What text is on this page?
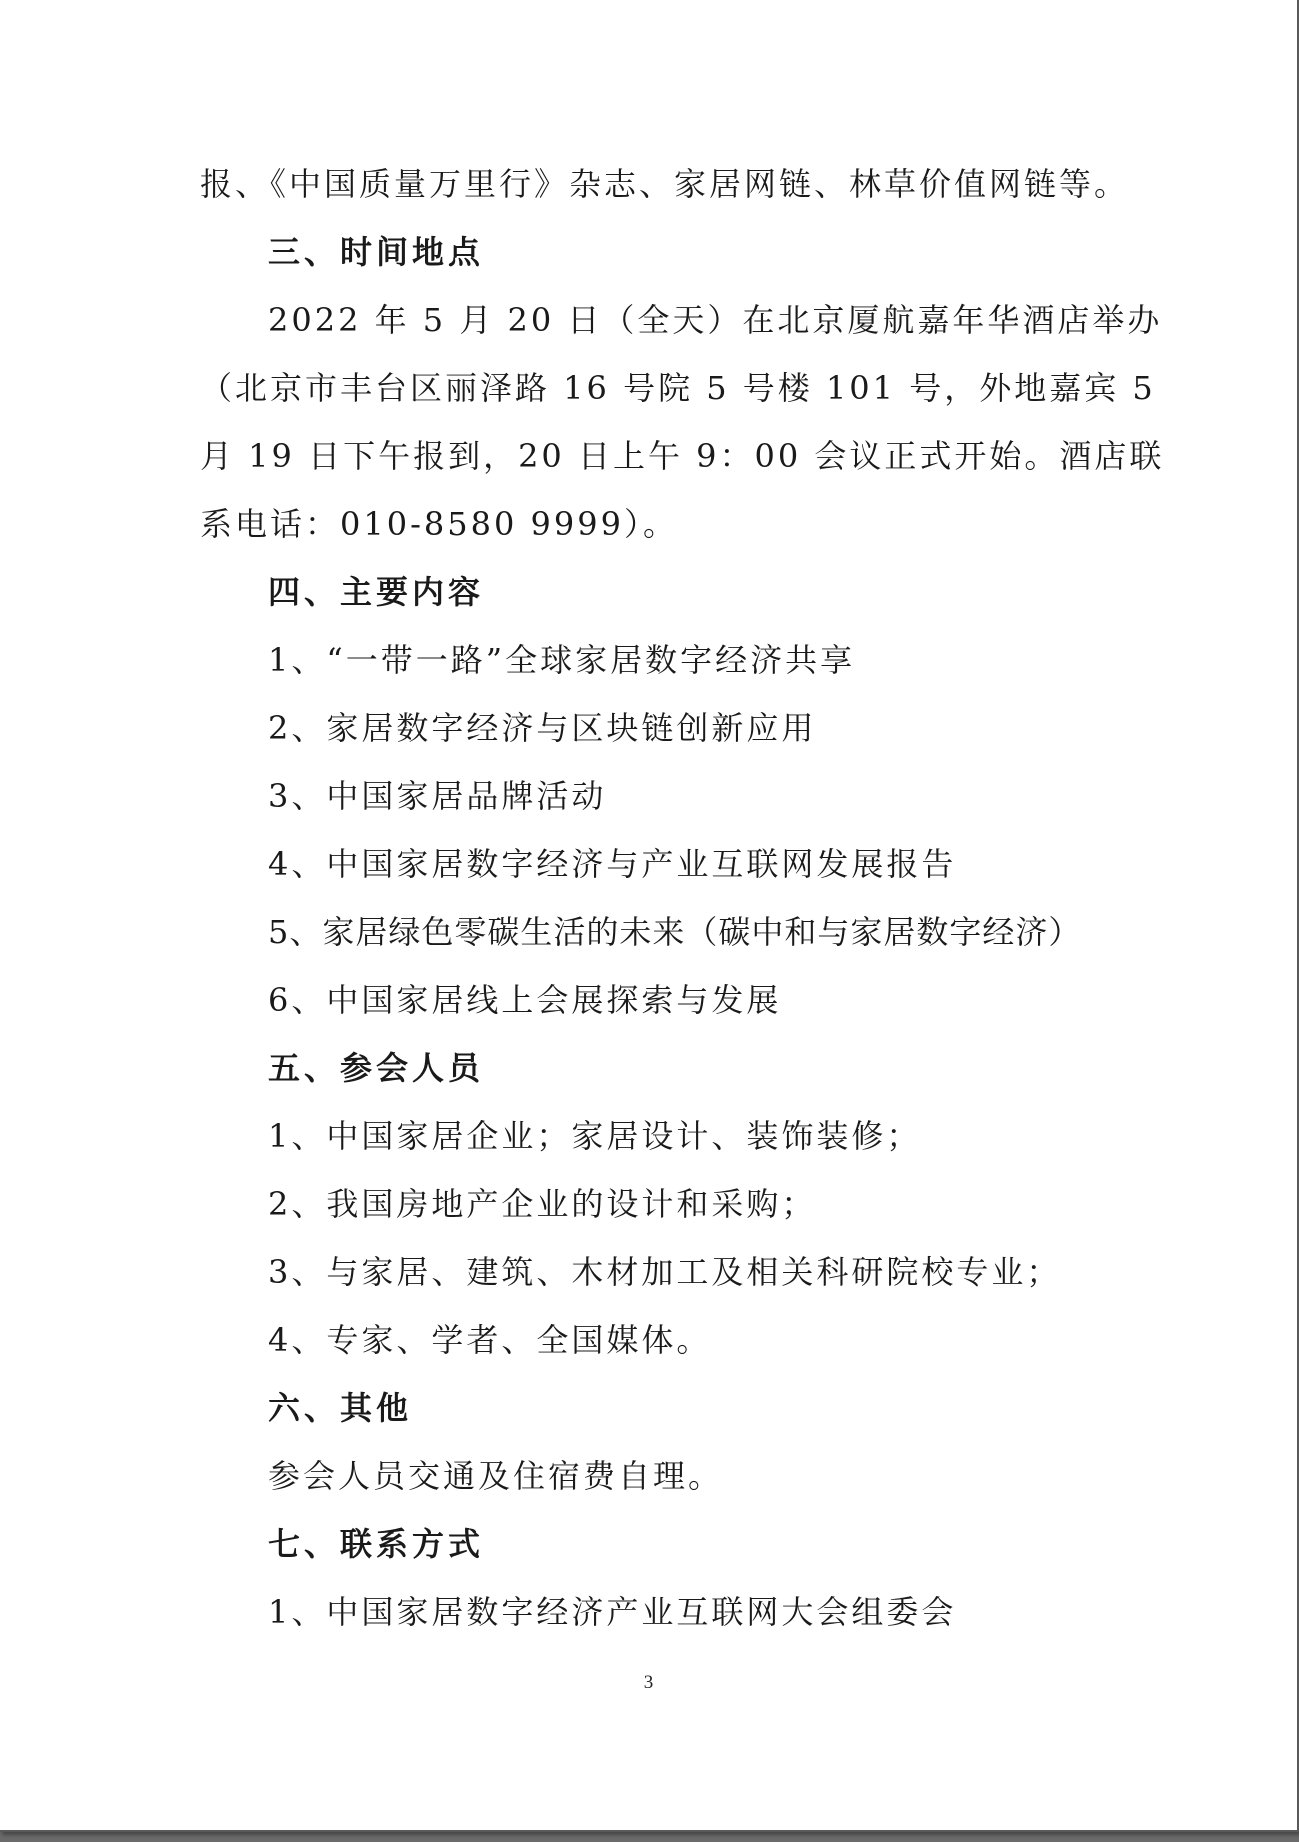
报、《中国质量万里行》杂志、家居网链、林草价值网链等。
三、时间地点
2022 年 5 月 20 日（全天）在北京厦航嘉年华酒店举办
（北京市丰台区丽泽路 16 号院 5 号楼 101 号，外地嘉宾 5
月 19 日下午报到，20 日上午 9：00 会议正式开始。酒店联
系电话：010-8580 9999）。
四、主要内容
1、“一带一路”全球家居数字经济共享
2、家居数字经济与区块链创新应用
3、中国家居品牌活动
4、中国家居数字经济与产业互联网发展报告
5、家居绿色零碳生活的未来（碳中和与家居数字经济）
6、中国家居线上会展探索与发展
五、参会人员
1、中国家居企业；家居设计、装饰装修；
2、我国房地产企业的设计和采购；
3、与家居、建筑、木材加工及相关科研院校专业；
4、专家、学者、全国媒体。
六、其他
参会人员交通及住宿费自理。
七、联系方式
1、中国家居数字经济产业互联网大会组委会
3
